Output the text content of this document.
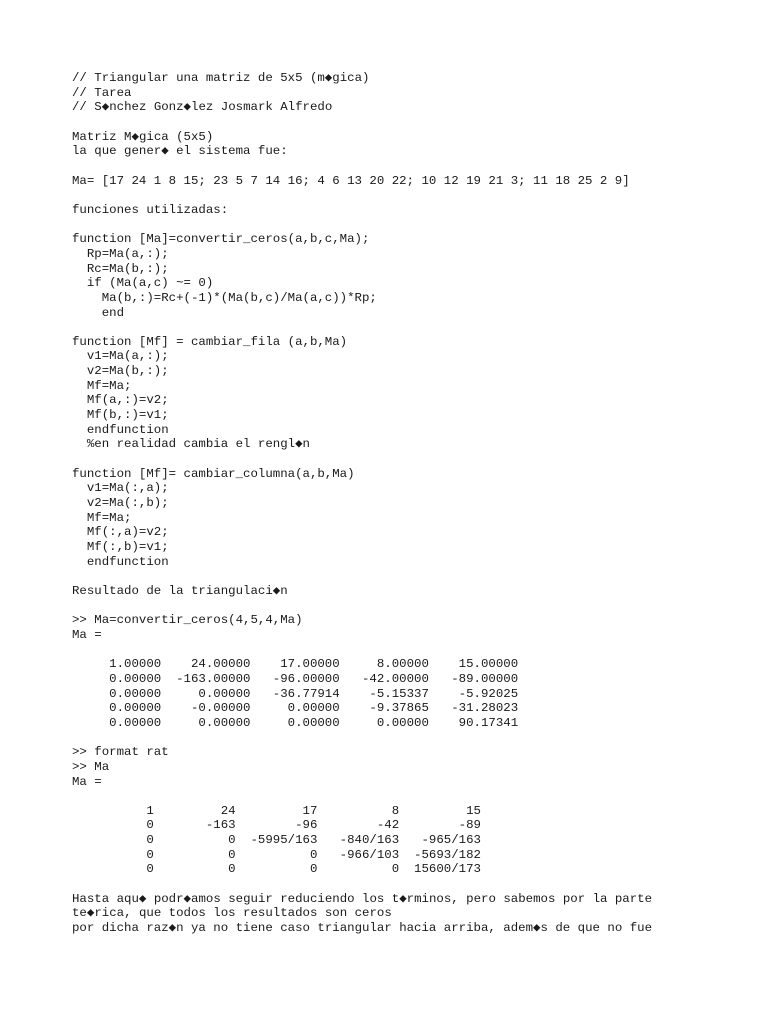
// Triangular una matriz de 5x5 (m◆gica)
// Tarea
// S◆nchez Gonz◆lez Josmark Alfredo

Matriz M◆gica (5x5)
la que gener◆ el sistema fue:

Ma= [17 24 1 8 15; 23 5 7 14 16; 4 6 13 20 22; 10 12 19 21 3; 11 18 25 2 9]

funciones utilizadas:

function [Ma]=convertir_ceros(a,b,c,Ma);
Rp=Ma(a,:);
Rc=Ma(b,:);
if (Ma(a,c) ~= 0)
Ma(b,:)=Rc+(-1)*(Ma(b,c)/Ma(a,c))*Rp;
end

function [Mf] = cambiar_fila (a,b,Ma)
v1=Ma(a,:);
v2=Ma(b,:);
Mf=Ma;
Mf(a,:)=v2;
Mf(b,:)=v1;
endfunction
%en realidad cambia el rengl◆n

function [Mf]= cambiar_columna(a,b,Ma)
v1=Ma(:,a);
v2=Ma(:,b);
Mf=Ma;
Mf(:,a)=v2;
Mf(:,b)=v1;
endfunction

Resultado de la triangulaci◆n

>> Ma=convertir_ceros(4,5,4,Ma)
Ma =

1.00000    24.00000    17.00000     8.00000    15.00000
0.00000  -163.00000   -96.00000   -42.00000   -89.00000
0.00000     0.00000   -36.77914    -5.15337    -5.92025
0.00000    -0.00000     0.00000    -9.37865   -31.28023
0.00000     0.00000     0.00000     0.00000    90.17341

>> format rat
>> Ma
Ma =

1         24         17          8         15
0       -163        -96        -42        -89
0          0  -5995/163   -840/163   -965/163
0          0          0   -966/103  -5693/182
0          0          0          0  15600/173

Hasta aqu◆ podr◆amos seguir reduciendo los t◆rminos, pero sabemos por la parte
te◆rica, que todos los resultados son ceros
por dicha raz◆n ya no tiene caso triangular hacia arriba, adem◆s de que no fue
